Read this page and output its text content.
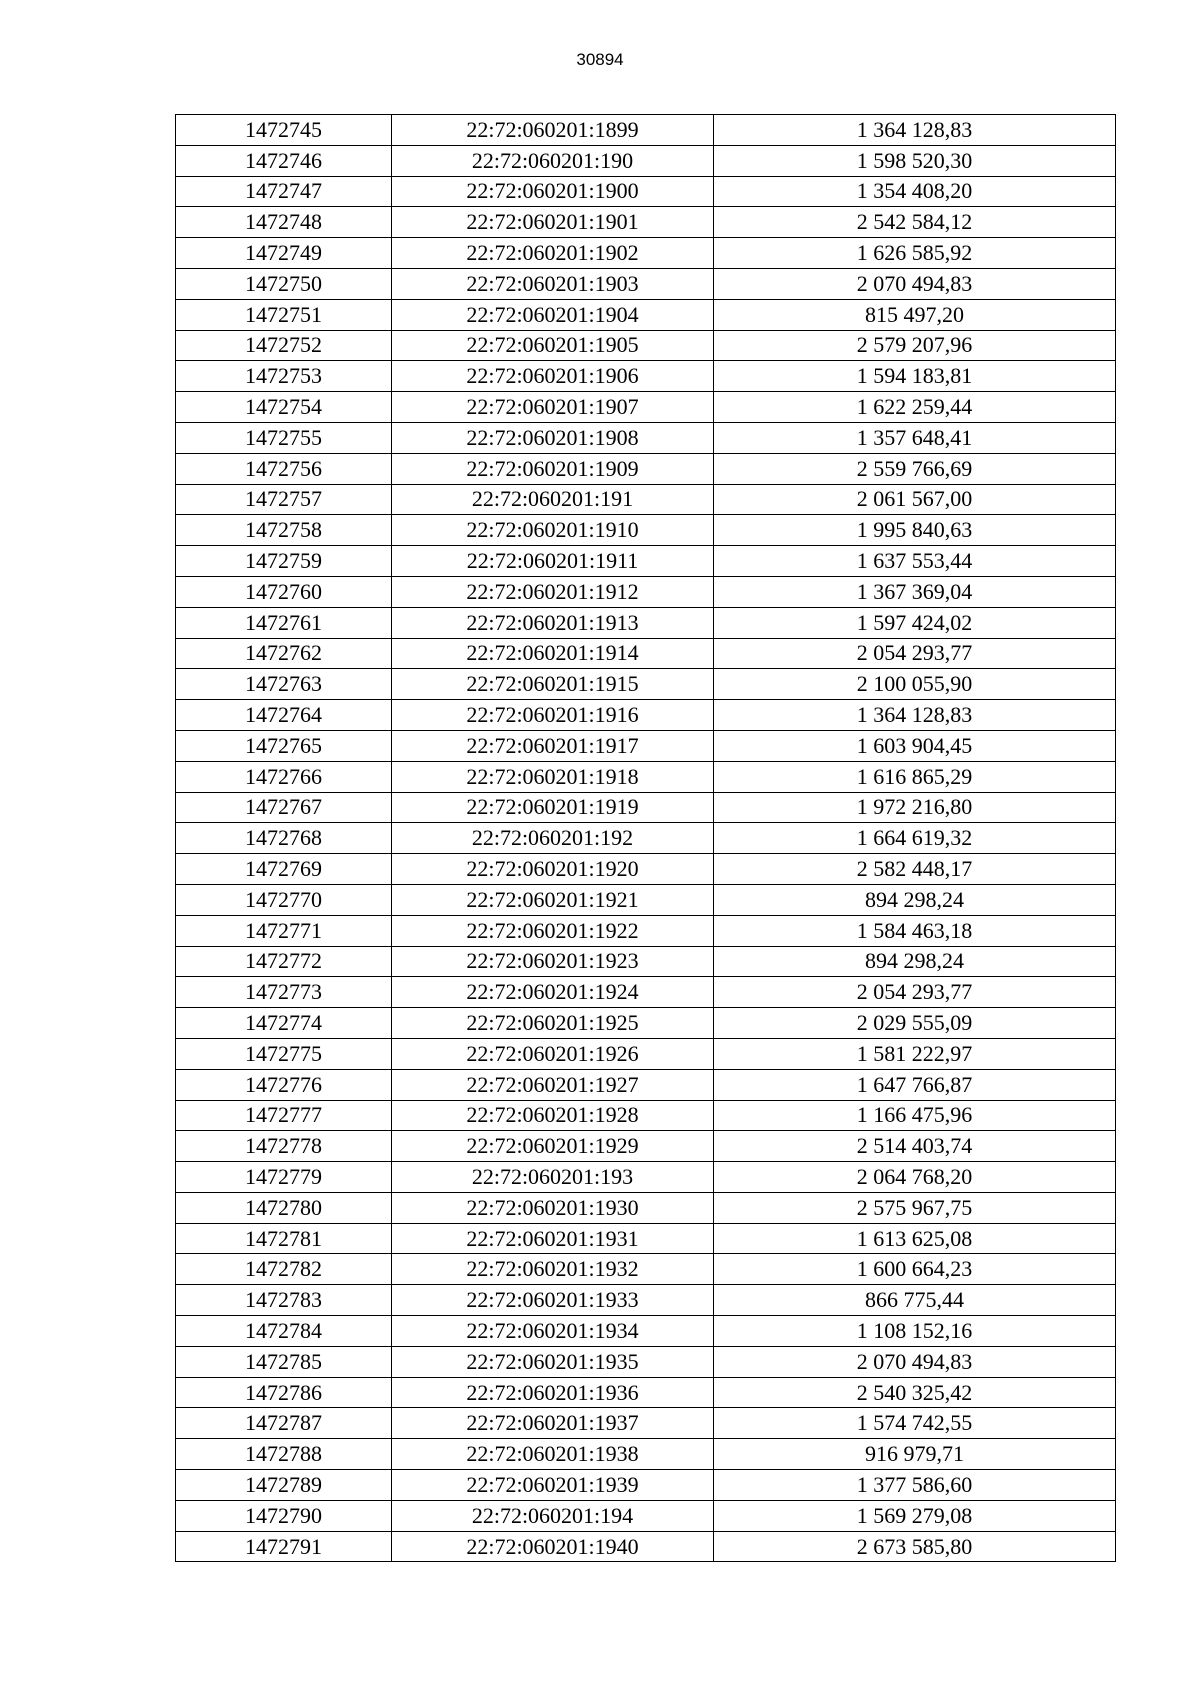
30894
1472745	22:72:060201:1899	1 364 128,83
1472746	22:72:060201:190	1 598 520,30
1472747	22:72:060201:1900	1 354 408,20
1472748	22:72:060201:1901	2 542 584,12
1472749	22:72:060201:1902	1 626 585,92
1472750	22:72:060201:1903	2 070 494,83
1472751	22:72:060201:1904	815 497,20
1472752	22:72:060201:1905	2 579 207,96
1472753	22:72:060201:1906	1 594 183,81
1472754	22:72:060201:1907	1 622 259,44
1472755	22:72:060201:1908	1 357 648,41
1472756	22:72:060201:1909	2 559 766,69
1472757	22:72:060201:191	2 061 567,00
1472758	22:72:060201:1910	1 995 840,63
1472759	22:72:060201:1911	1 637 553,44
1472760	22:72:060201:1912	1 367 369,04
1472761	22:72:060201:1913	1 597 424,02
1472762	22:72:060201:1914	2 054 293,77
1472763	22:72:060201:1915	2 100 055,90
1472764	22:72:060201:1916	1 364 128,83
1472765	22:72:060201:1917	1 603 904,45
1472766	22:72:060201:1918	1 616 865,29
1472767	22:72:060201:1919	1 972 216,80
1472768	22:72:060201:192	1 664 619,32
1472769	22:72:060201:1920	2 582 448,17
1472770	22:72:060201:1921	894 298,24
1472771	22:72:060201:1922	1 584 463,18
1472772	22:72:060201:1923	894 298,24
1472773	22:72:060201:1924	2 054 293,77
1472774	22:72:060201:1925	2 029 555,09
1472775	22:72:060201:1926	1 581 222,97
1472776	22:72:060201:1927	1 647 766,87
1472777	22:72:060201:1928	1 166 475,96
1472778	22:72:060201:1929	2 514 403,74
1472779	22:72:060201:193	2 064 768,20
1472780	22:72:060201:1930	2 575 967,75
1472781	22:72:060201:1931	1 613 625,08
1472782	22:72:060201:1932	1 600 664,23
1472783	22:72:060201:1933	866 775,44
1472784	22:72:060201:1934	1 108 152,16
1472785	22:72:060201:1935	2 070 494,83
1472786	22:72:060201:1936	2 540 325,42
1472787	22:72:060201:1937	1 574 742,55
1472788	22:72:060201:1938	916 979,71
1472789	22:72:060201:1939	1 377 586,60
1472790	22:72:060201:194	1 569 279,08
1472791	22:72:060201:1940	2 673 585,80
